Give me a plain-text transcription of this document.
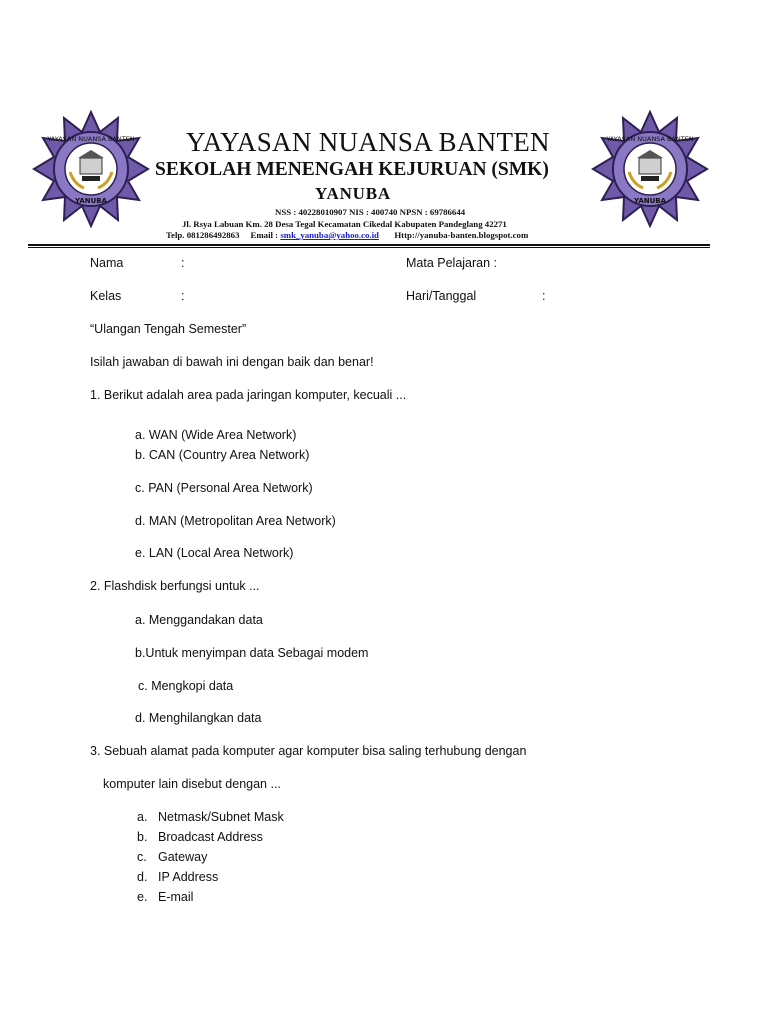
YAYASAN NUANSA BANTEN
YANUBA
YAYASAN NUANSA BANTEN
YANUBA
YAYASAN NUANSA BANTEN
SEKOLAH MENENGAH KEJURUAN (SMK)
YANUBA
NSS : 40228010907 NIS : 400740 NPSN : 69786644
Jl. Rsya Labuan Km. 28 Desa Tegal Kecamatan Cikedal Kabupaten Pandeglang 42271
Telp. 081286492863 Email : smk_yanuba@yahoo.co.id Http://yanuba-banten.blogspot.com
Nama	:	Mata Pelajaran :
Kelas	:	Hari/Tanggal	:
“Ulangan Tengah Semester”
Isilah jawaban di bawah ini dengan baik dan benar!
1. Berikut adalah area pada jaringan komputer, kecuali ...
a. WAN (Wide Area Network)
b. CAN (Country Area Network)
c. PAN (Personal Area Network)
d. MAN (Metropolitan Area Network)
e. LAN (Local Area Network)
2. Flashdisk berfungsi untuk ...
a. Menggandakan data
b.Untuk menyimpan data Sebagai modem
c. Mengkopi data
d. Menghilangkan data
3. Sebuah alamat pada komputer agar komputer bisa saling terhubung dengan
komputer lain disebut dengan ...
a. Netmask/Subnet Mask
b. Broadcast Address
c. Gateway
d. IP Address
e. E-mail
